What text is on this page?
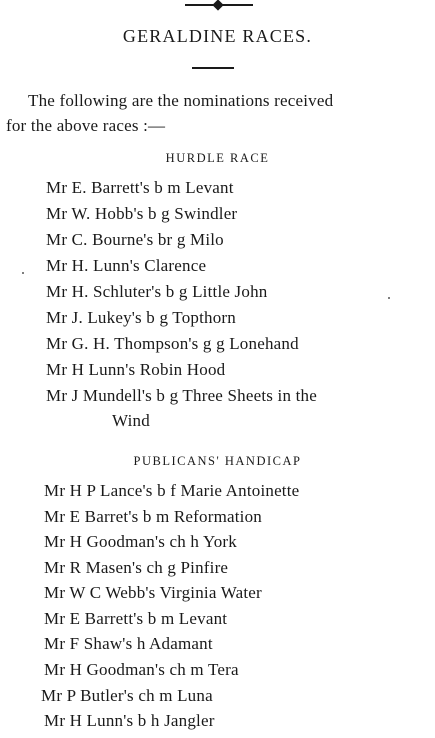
GERALDINE RACES.
The following are the nominations received
for the above races :—
HURDLE RACE
Mr E. Barrett's b m Levant
Mr W. Hobb's b g Swindler
Mr C. Bourne's br g Milo
Mr H. Lunn's Clarence
Mr H. Schluter's b g Little John
Mr J. Lukey's b g Topthorn
Mr G. H. Thompson's g g Lonehand
Mr H Lunn's Robin Hood
Mr J Mundell's b g Three Sheets in the
Wind
PUBLICANS' HANDICAP
Mr H P Lance's b f Marie Antoinette
Mr E Barret's b m Reformation
Mr H Goodman's ch h York
Mr R Masen's ch g Pinfire
Mr W C Webb's Virginia Water
Mr E Barrett's b m Levant
Mr F Shaw's h Adamant
Mr H Goodman's ch m Tera
Mr P Butler's ch m Luna
Mr H Lunn's b h Jangler
